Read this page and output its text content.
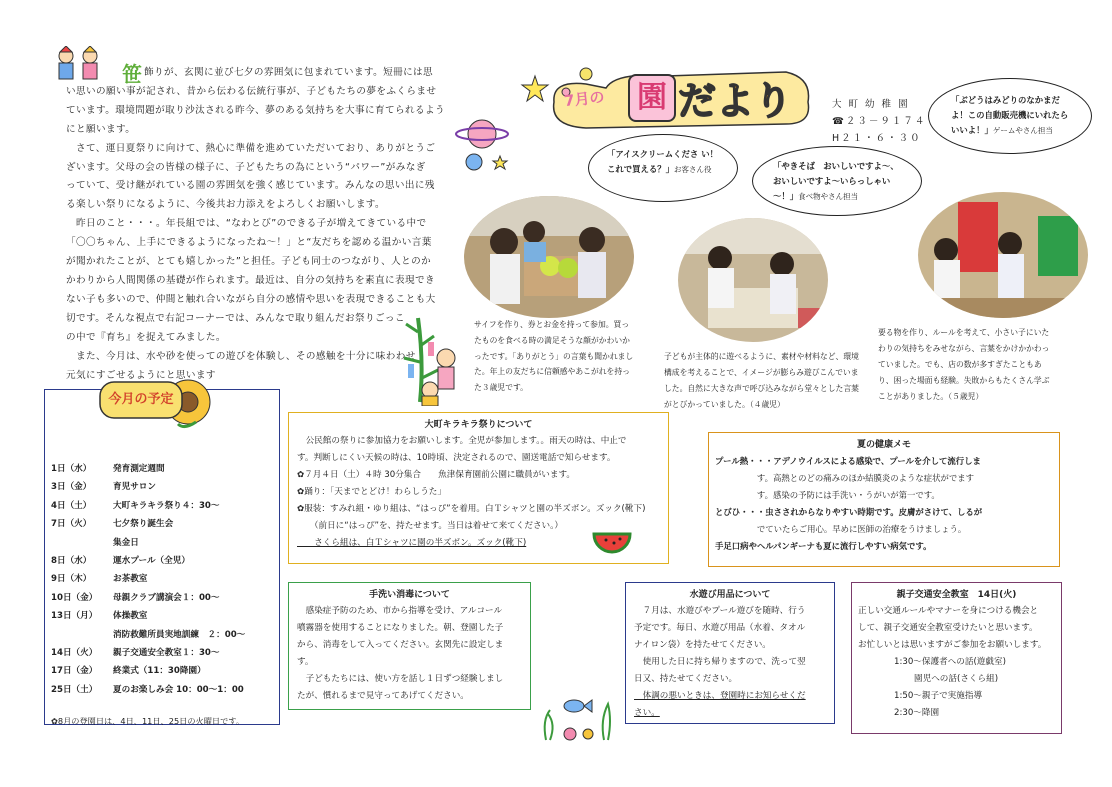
7月の	園 だより	大 町 幼 稚 園
☎２３－９１７４
H２１・６・３０
笹 飾りが、玄関に並び七夕の雰囲気に包まれています。短冊には思
い思いの願い事が記され、昔から伝わる伝統行事が、子どもたちの夢をふくらませ
ています。環境問題が取り沙汰される昨今、夢のある気持ちを大事に育てられるよう
にと願います。
　さて、運日夏祭りに向けて、熱心に準備を進めていただいており、ありがとうご
ざいます。父母の会の皆様の様子に、子どもたちの為にという“パワー”がみなぎ
っていて、受け継がれている園の雰囲気を強く感じています。みんなの思い出に残
る楽しい祭りになるように、今後共お力添えをよろしくお願いします。
　昨日のこと・・・。年長組では、“なわとび”のできる子が増えてきている中で
「〇〇ちゃん、上手にできるようになったね～！」と“友だちを認める温かい言葉
が聞かれたことが、とても嬉しかった”と担任。子ども同士のつながり、人とのか
かわりから人間関係の基礎が作られます。最近は、自分の気持ちを素直に表現でき
ない子も多いので、仲間と触れ合いながら自分の感情や思いを表現できることも大
切です。そんな視点で右記コーナーでは、みんなで取り組んだお祭りごっこ
の中で『育ち』を捉えてみました。
　また、今月は、水や砂を使っての遊びを体験し、その感触を十分に味わわせ
元気にすごせるようにと思います
「アイスクリームくださ い！これで買える？」お客さん役	「やきそば　おいしいですよ～、おいしいですよ～いらっしゃい～！」食べ物やさん担当
「ぶどうはみどりのなかまだよ！この自動販売機にいれたらいいよ！」ゲームやさん担当
サイフを作り、券とお金を持って参加。買ったものを食べる時の満足そうな顔がかわいかったです。「ありがとう」の言葉も聞かれました。年上の友だちに信頼感やあこがれを持った３歳児です。
子どもが主体的に遊べるように、素材や材料など、環境構成を考えることで、イメージが膨らみ遊びこんでいました。自然に大きな声で呼び込みながら堂々とした言葉がとびかっていました。（４歳児）
要る物を作り、ルールを考えて、小さい子にいたわりの気持ちをみせながら、言葉をかけかかわっていました。でも、店の数が多すぎたこともあり、困った場面も経験。失敗からもたくさん学ぶことがありました。（５歳児）
1日（水）	発育測定週間
3日（金）	育児サロン
4日（土）	大町キラキラ祭り４：30～
7日（火）	七夕祭り誕生会
集金日
8日（水）	運水プール（全児）
9日（木）	お茶教室
10日（金）	母親クラブ講演会１：00～
13日（月）	体操教室
消防救難所員実地訓練　２：00～
14日（火）	親子交通安全教室１：30～
17日（金）	終業式（11：30降園）
25日（土）	夏のお楽しみ会 10：00～1：00
✿8月の登園日は、4日、11日、25日の火曜日です。
今月の予定
大町キラキラ祭りについて
　公民館の祭りに参加協力をお願いします。全児が参加します。。雨天の時は、中止で
す。判断しにくい天候の時は、10時頃、決定されるので、園送電話で知らせます。
✿７月４日（土）４時 30分集合　　魚津保育園前公園に職員がいます。
✿踊り：「天までとどけ！わらしうた」
✿服装：すみれ組・ゆり組は、“はっぴ”を着用。白Ｔシャツと園の半ズボン。ズック(靴下)
　　（前日に“はっぴ”を、持たせます。当日は着せて来てください。）
　　さくら組は、白Ｔシャツに園の半ズボン。ズック(靴下)
夏の健康メモ
プール熱・・・アデノウイルスによる感染で、プールを介して流行しま
　　　　　す。高熱とのどの痛みのほか結膜炎のような症状がでます
　　　　　す。感染の予防には手洗い・うがいが第一です。
とびひ・・・虫さされからなりやすい時期です。皮膚がさけて、しるが
　　　　　でていたらご用心。早めに医師の治療をうけましょう。
手足口病やヘルパンギーナも夏に流行しやすい病気です。
手洗い消毒について
　感染症予防のため、市から指導を受け、アルコール
噴霧器を使用することになりました。朝、登園した子
から、消毒をして入ってください。玄関先に設定しま
す。
　子どもたちには、使い方を話し１日ずつ経験しまし
たが、慣れるまで見守ってあげてください。
水遊び用品について
　７月は、水遊びやプール遊びを随時、行う
予定です。毎日、水遊び用品（水着、タオル
ナイロン袋）を持たせてください。
　使用した日に持ち帰りますので、洗って翌
日又、持たせてください。
　体調の悪いときは、登園時にお知らせくだ
さい。
親子交通安全教室　14日(火)
正しい交通ルールやマナーを身につける機会と
して、親子交通安全教室受けたいと思います。
お忙しいとは思いますがご参加をお願いします。
1:30～保護者への話(遊戯室)
園児への話(さくら組)
1:50～親子で実施指導
2:30～降園
